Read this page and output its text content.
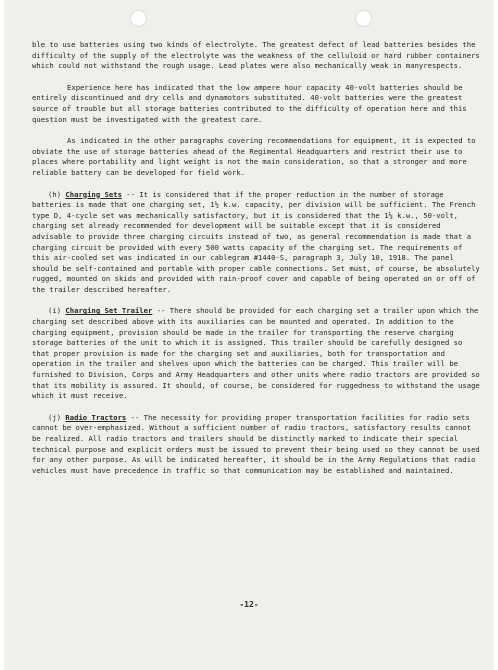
ble to use batteries using two kinds of electrolyte. The greatest defect of lead batteries besides the difficulty of the supply of the electrolyte was the weakness of the celluloid or hard rubber containers which could not withstand the rough usage. Lead plates were also mechanically weak in manyrespects.

Experience here has indicated that the low ampere hour capacity 40-volt batteries should be entirely discontinued and dry cells and dynamotors substituted. 40-volt batteries were the greatest source of trouble but all storage batteries contributed to the difficulty of operation here and this question must be investigated with the greatest care.

As indicated in the other paragraphs covering recommendations for equipment, it is expected to obviate the use of storage batteries ahead of the Regimental Headquarters and restrict their use to places where portability and light weight is not the main consideration, so that a stronger and more reliable battery can be developed for field work.

(h) Charging Sets -- It is considered that if the proper reduction in the number of storage batteries is made that one charging set, 1½ k.w. capacity, per division will be sufficient. The French type D, 4-cycle set was mechanically satisfactory, but it is considered that the 1½ k.w., 50-volt, charging set already recommended for development will be suitable except that it is considered advisable to provide three charging circuits instead of two, as general recommendation is made that a charging circuit be provided with every 500 watts capacity of the charging set. The requirements of this air-cooled set was indicated in our cablegram #1440-S, paragraph 3, July 10, 1918. The panel should be self-contained and portable with proper cable connections. Set must, of course, be absolutely rugged, mounted on skids and provided with rain-proof cover and capable of being operated on or off of the trailer described hereafter.

(i) Charging Set Trailer -- There should be provided for each charging set a trailer upon which the charging set described above with its auxiliaries can be mounted and operated. In addition to the charging equipment, provision should be made in the trailer for transporting the reserve charging storage batteries of the unit to which it is assigned. This trailer should be carefully designed so that proper provision is made for the charging set and auxiliaries, both for transportation and operation in the trailer and shelves upon which the batteries can be charged. This trailer will be furnished to Division, Corps and Army Headquarters and other units where radio tractors are provided so that its mobility is assured. It should, of course, be considered for ruggedness to withstand the usage which it must receive.

(j) Radio Tractors -- The necessity for providing proper transportation facilities for radio sets cannot be over-emphasized. Without a sufficient number of radio tractors, satisfactory results cannot be realized. All radio tractors and trailers should be distinctly marked to indicate their special technical purpose and explicit orders must be issued to prevent their being used so they cannot be used for any other purpose. As will be indicated hereafter, it should be in the Army Regulations that radio vehicles must have precedence in traffic so that communication may be established and maintained.

-12-
